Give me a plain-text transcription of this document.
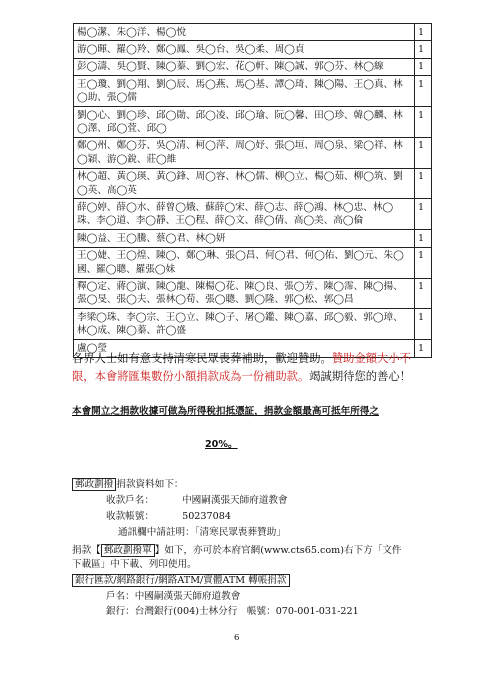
楊◯潔、朱◯洋、楊◯悅	1
游◯暉、羅◯羚、鄭◯鳳、吳◯台、吳◯柔、周◯貞	1
彭◯濤、吳◯賢、陳◯蓁、劉◯宏、花◯軒、陳◯誠、郭◯芬、林◯線	1
王◯瓊、劉◯翔、劉◯辰、馬◯燕、馬◯基、譚◯琦、陳◯陽、王◯真、林◯助、張◯儒	1
劉◯心、劉◯珍、邱◯勛、邱◯凌、邱◯瑜、阮◯馨、田◯珍、韓◯麟、林◯澤、邱◯萓、邱◯	1
鄭◯州、鄭◯芬、吳◯清、柯◯萍、周◯妤、張◯垣、周◯泉、梁◯祥、林◯穎、游◯銳、莊◯維	1
林◯超、黃◯瑛、黃◯鋒、周◯容、林◯儒、柳◯立、楊◯茹、柳◯筑、劉◯英、高◯英	1
薛◯婷、薛◯水、薛曾◯娥、蘇薛◯宋、薛◯志、薛◯鴻、林◯忠、林◯珠、李◯道、李◯靜、王◯程、薛◯文、薛◯倩、高◯美、高◯倫	1
陳◯益、王◯騰、蔡◯君、林◯妍	1
王◯婕、王◯煌、陳◯、鄭◯琳、張◯昌、何◯君、何◯佑、劉◯元、朱◯國、羅◯聰、羅張◯妹	1
釋◯定、蔣◯演、陳◯龍、陳楊◯花、陳◯良、張◯芳、陳◯霈、陳◯揚、張◯旻、張◯夫、張林◯荀、張◯聰、劉◯隆、郭◯松、郭◯昌	1
李梁◯珠、李◯宗、王◯立、陳◯子、屠◯鑑、陳◯嘉、邱◯毅、郭◯璋、林◯成、陳◯蓁、許◯盛	1
盧◯瑩	1
各界人士如有意支持清寒民眾喪葬補助，歡迎贊助。贊助金額大小不限，本會將匯集數份小額捐款成為一份補助款。竭誠期待您的善心！
本會開立之捐款收據可做為所得稅扣抵憑証，捐款金額最高可抵年所得之
20%。
郵政劃撥 捐款資料如下：
收款戶名：	中國嗣漢張天師府道教會
收款帳號：	50237084
通訊欄中請註明：「清寒民眾喪葬贊助」
捐款【 郵政劃撥單 】如下，亦可於本府官網(www.cts65.com)右下方「文件
下載區」中下載、列印使用。
銀行匯款/網路銀行/網路ATM/實體ATM 轉帳捐款
戶名：中國嗣漢張天師府道教會
銀行：台灣銀行(004)士林分行　帳號：070-001-031-221
6
